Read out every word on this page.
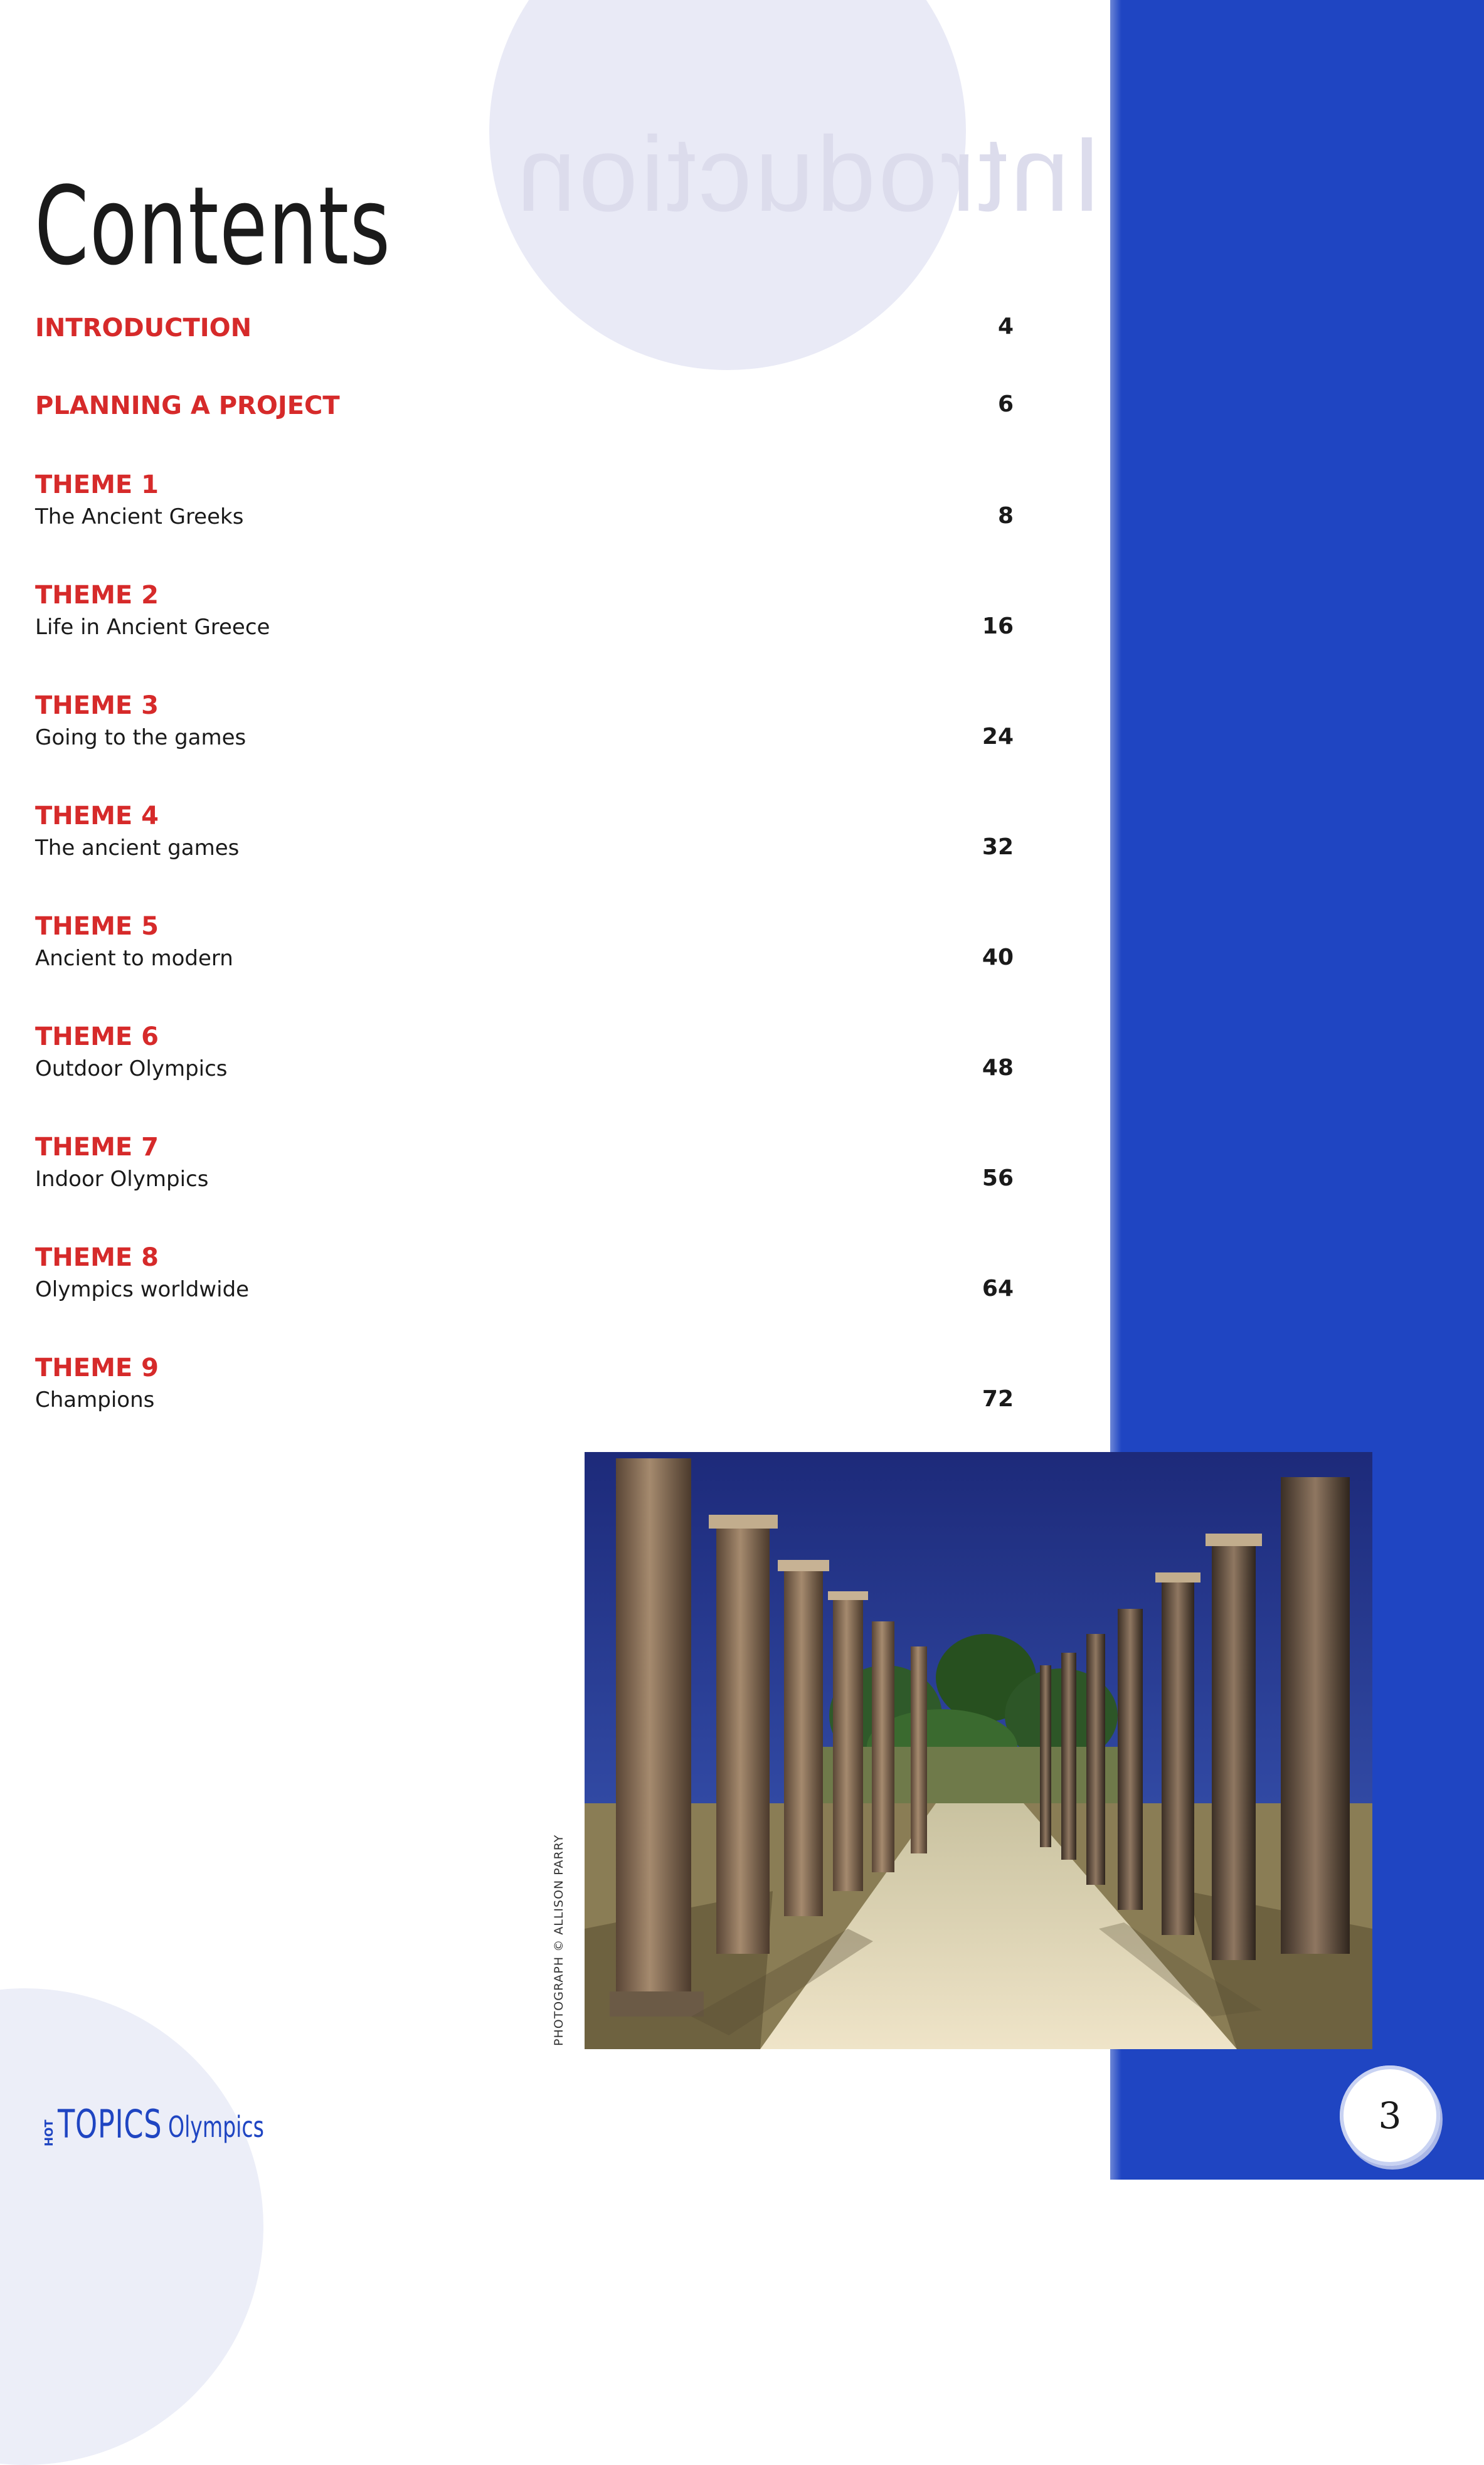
Introduction
Contents
INTRODUCTION	4
PLANNING A PROJECT	6
THEME 1
The Ancient Greeks	8
THEME 2
Life in Ancient Greece	16
THEME 3
Going to the games	24
THEME 4
The ancient games	32
THEME 5
Ancient to modern	40
THEME 6
Outdoor Olympics	48
THEME 7
Indoor Olympics	56
THEME 8
Olympics worldwide	64
THEME 9
Champions	72
PHOTOGRAPH © ALLISON PARRY
HOT TOPICS Olympics	3
